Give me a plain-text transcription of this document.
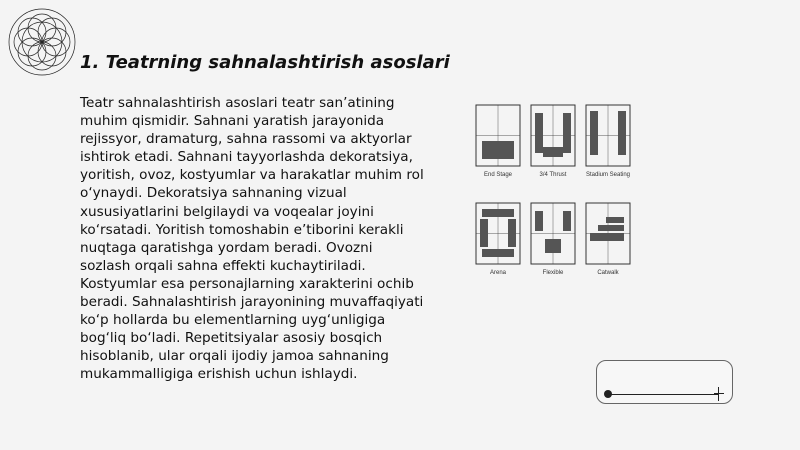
1. Teatrning sahnalashtirish asoslari

Teatr sahnalashtirish asoslari teatr san’atining muhim qismidir. Sahnani yaratish jarayonida rejissyor, dramaturg, sahna rassomi va aktyorlar ishtirok etadi. Sahnani tayyorlashda dekoratsiya, yoritish, ovoz, kostyumlar va harakatlar muhim rol o‘ynaydi. Dekoratsiya sahnaning vizual xususiyatlarini belgilaydi va voqealar joyini ko‘rsatadi. Yoritish tomoshabin e’tiborini kerakli nuqtaga qaratishga yordam beradi. Ovozni sozlash orqali sahna effekti kuchaytiriladi. Kostyumlar esa personajlarning xarakterini ochib beradi. Sahnalashtirish jarayonining muvaffaqiyati ko‘p hollarda bu elementlarning uyg‘unligiga bog‘liq bo‘ladi. Repetitsiyalar asosiy bosqich hisoblanib, ular orqali ijodiy jamoa sahnaning mukammalligiga erishish uchun ishlaydi.

End Stage	3/4 Thrust	Stadium Seating
Arena	Flexible	Catwalk
